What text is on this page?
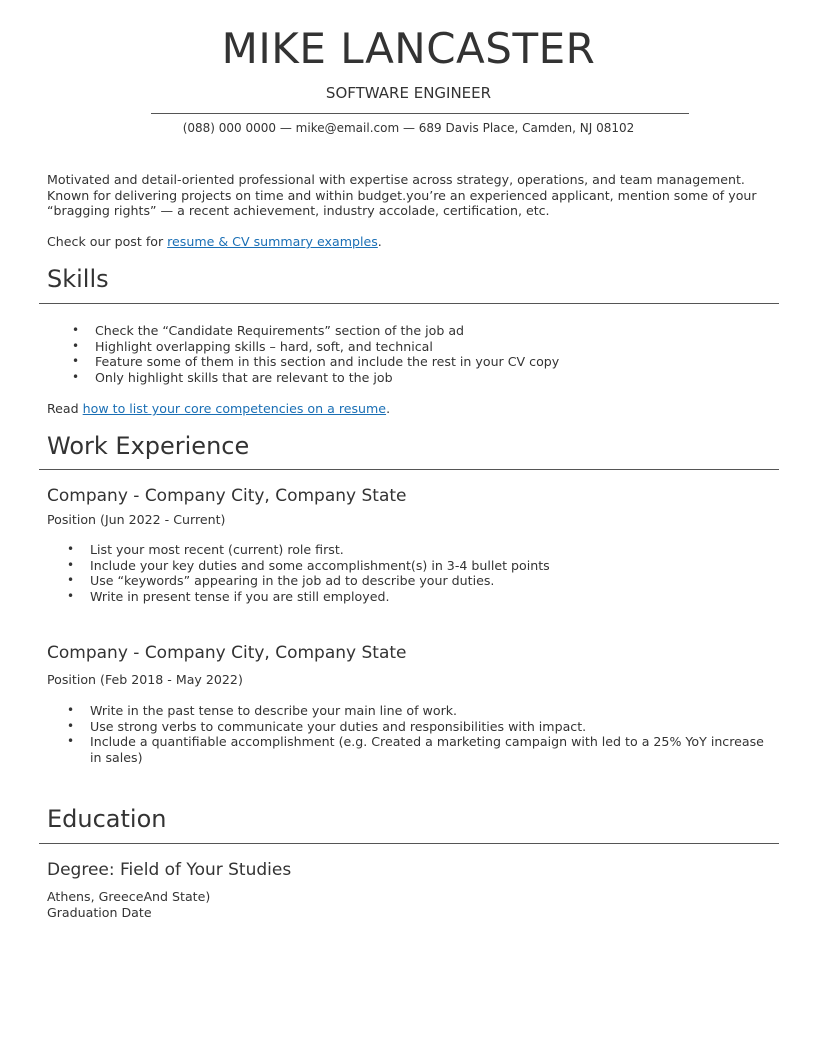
MIKE LANCASTER
SOFTWARE ENGINEER
(088) 000 0000 — mike@email.com — 689 Davis Place, Camden, NJ 08102

Motivated and detail-oriented professional with expertise across strategy, operations, and team management. Known for delivering projects on time and within budget.you’re an experienced applicant, mention some of your “bragging rights” — a recent achievement, industry accolade, certification, etc.

Check our post for resume & CV summary examples.
Skills
• Check the “Candidate Requirements” section of the job ad
• Highlight overlapping skills – hard, soft, and technical
• Feature some of them in this section and include the rest in your CV copy
• Only highlight skills that are relevant to the job
Read how to list your core competencies on a resume.
Work Experience
Company - Company City, Company State
Position (Jun 2022 - Current)
• List your most recent (current) role first.
• Include your key duties and some accomplishment(s) in 3-4 bullet points
• Use “keywords” appearing in the job ad to describe your duties.
• Write in present tense if you are still employed.
Company - Company City, Company State
Position (Feb 2018 - May 2022)
• Write in the past tense to describe your main line of work.
• Use strong verbs to communicate your duties and responsibilities with impact.
• Include a quantifiable accomplishment (e.g. Created a marketing campaign with led to a 25% YoY increase in sales)
Education
Degree: Field of Your Studies
Athens, GreeceAnd State)
Graduation Date
